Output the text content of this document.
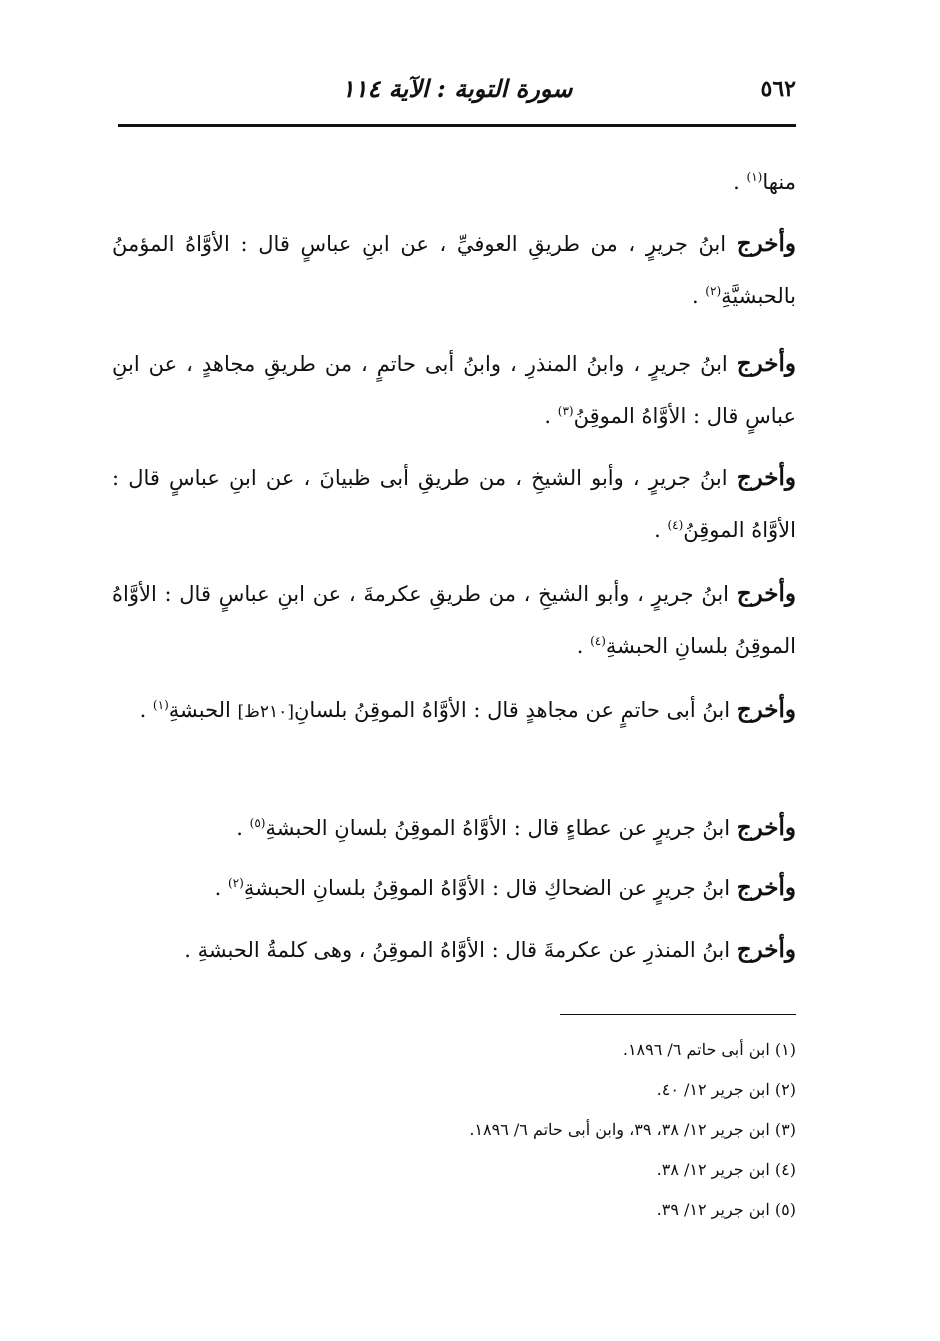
٥٦٢
سورة التوبة : الآية ١١٤
منها$^{(١)}$ .
وأخرج ابنُ جريرٍ ، من طريقِ العوفيِّ ، عن ابنِ عباسٍ قال : الأوَّاهُ المؤمنُ بالحبشيَّةِ$^{(٢)}$ .
وأخرج ابنُ جريرٍ ، وابنُ المنذرِ ، وابنُ أبى حاتمٍ ، من طريقِ مجاهدٍ ، عن ابنِ عباسٍ قال : الأوَّاهُ الموقِنُ$^{(٣)}$ .
وأخرج ابنُ جريرٍ ، وأبو الشيخِ ، من طريقِ أبى ظبيانَ ، عن ابنِ عباسٍ قال : الأوَّاهُ الموقِنُ$^{(٤)}$ .
وأخرج ابنُ جريرٍ ، وأبو الشيخِ ، من طريقِ عكرمةَ ، عن ابنِ عباسٍ قال : الأوَّاهُ الموقِنُ بلسانِ الحبشةِ$^{(٤)}$ .
وأخرج ابنُ أبى حاتمٍ عن مجاهدٍ قال : الأوَّاهُ الموقِنُ بلسانِ[٢١٠ظ] الحبشةِ$^{(١)}$ .
وأخرج ابنُ جريرٍ عن عطاءٍ قال : الأوَّاهُ الموقِنُ بلسانِ الحبشةِ$^{(٥)}$ .
وأخرج ابنُ جريرٍ عن الضحاكِ قال : الأوَّاهُ الموقِنُ بلسانِ الحبشةِ$^{(٢)}$ .
وأخرج ابنُ المنذرِ عن عكرمةَ قال : الأوَّاهُ الموقِنُ ، وهى كلمةُ الحبشةِ .
(١) ابن أبى حاتم ٦/ ١٨٩٦.
(٢) ابن جرير ١٢/ ٤٠.
(٣) ابن جرير ١٢/ ٣٨، ٣٩، وابن أبى حاتم ٦/ ١٨٩٦.
(٤) ابن جرير ١٢/ ٣٨.
(٥) ابن جرير ١٢/ ٣٩.
